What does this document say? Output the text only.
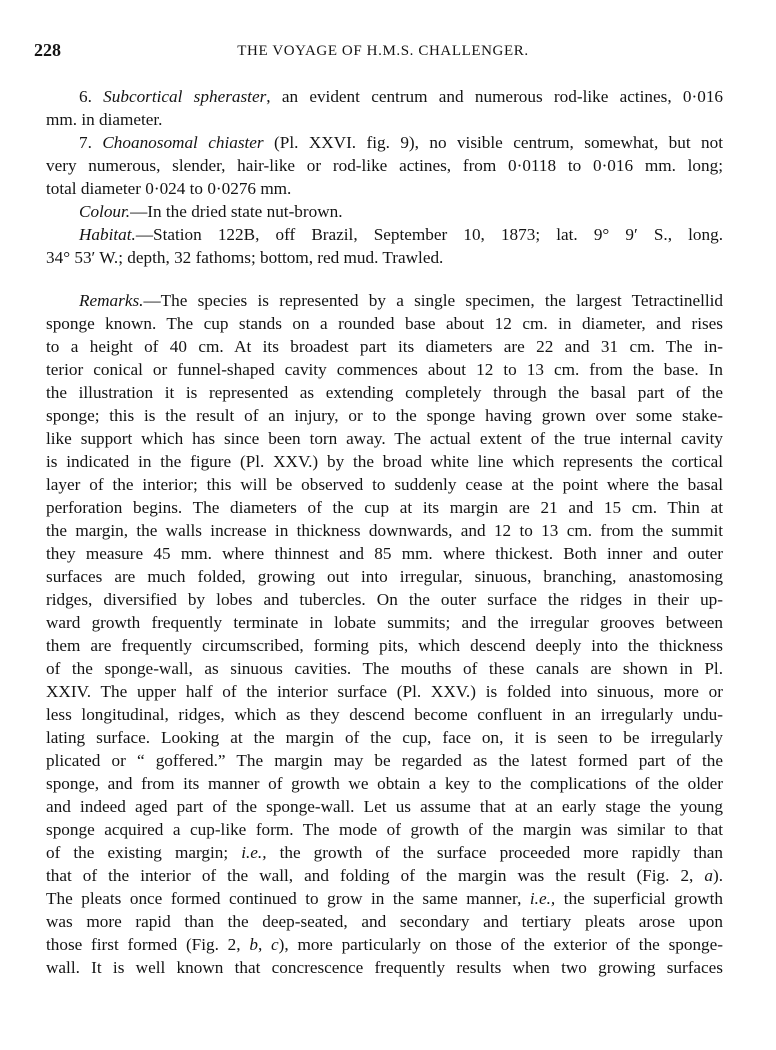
228	THE VOYAGE OF H.M.S. CHALLENGER.
6. Subcortical spheraster, an evident centrum and numerous rod-like actines, 0·016
mm. in diameter.
7. Choanosomal chiaster (Pl. XXVI. fig. 9), no visible centrum, somewhat, but not
very numerous, slender, hair-like or rod-like actines, from 0·0118 to 0·016 mm. long;
total diameter 0·024 to 0·0276 mm.
Colour.—In the dried state nut-brown.
Habitat.—Station 122B, off Brazil, September 10, 1873; lat. 9° 9′ S., long.
34° 53′ W.; depth, 32 fathoms; bottom, red mud. Trawled.
Remarks.—The species is represented by a single specimen, the largest Tetractinellid
sponge known. The cup stands on a rounded base about 12 cm. in diameter, and rises
to a height of 40 cm. At its broadest part its diameters are 22 and 31 cm. The in-
terior conical or funnel-shaped cavity commences about 12 to 13 cm. from the base. In
the illustration it is represented as extending completely through the basal part of the
sponge; this is the result of an injury, or to the sponge having grown over some stake-
like support which has since been torn away. The actual extent of the true internal cavity
is indicated in the figure (Pl. XXV.) by the broad white line which represents the cortical
layer of the interior; this will be observed to suddenly cease at the point where the basal
perforation begins. The diameters of the cup at its margin are 21 and 15 cm. Thin at
the margin, the walls increase in thickness downwards, and 12 to 13 cm. from the summit
they measure 45 mm. where thinnest and 85 mm. where thickest. Both inner and outer
surfaces are much folded, growing out into irregular, sinuous, branching, anastomosing
ridges, diversified by lobes and tubercles. On the outer surface the ridges in their up-
ward growth frequently terminate in lobate summits; and the irregular grooves between
them are frequently circumscribed, forming pits, which descend deeply into the thickness
of the sponge-wall, as sinuous cavities. The mouths of these canals are shown in Pl.
XXIV. The upper half of the interior surface (Pl. XXV.) is folded into sinuous, more or
less longitudinal, ridges, which as they descend become confluent in an irregularly undu-
lating surface. Looking at the margin of the cup, face on, it is seen to be irregularly
plicated or “ goffered.” The margin may be regarded as the latest formed part of the
sponge, and from its manner of growth we obtain a key to the complications of the older
and indeed aged part of the sponge-wall. Let us assume that at an early stage the young
sponge acquired a cup-like form. The mode of growth of the margin was similar to that
of the existing margin; i.e., the growth of the surface proceeded more rapidly than
that of the interior of the wall, and folding of the margin was the result (Fig. 2, a).
The pleats once formed continued to grow in the same manner, i.e., the superficial growth
was more rapid than the deep-seated, and secondary and tertiary pleats arose upon
those first formed (Fig. 2, b, c), more particularly on those of the exterior of the sponge-
wall. It is well known that concrescence frequently results when two growing surfaces
